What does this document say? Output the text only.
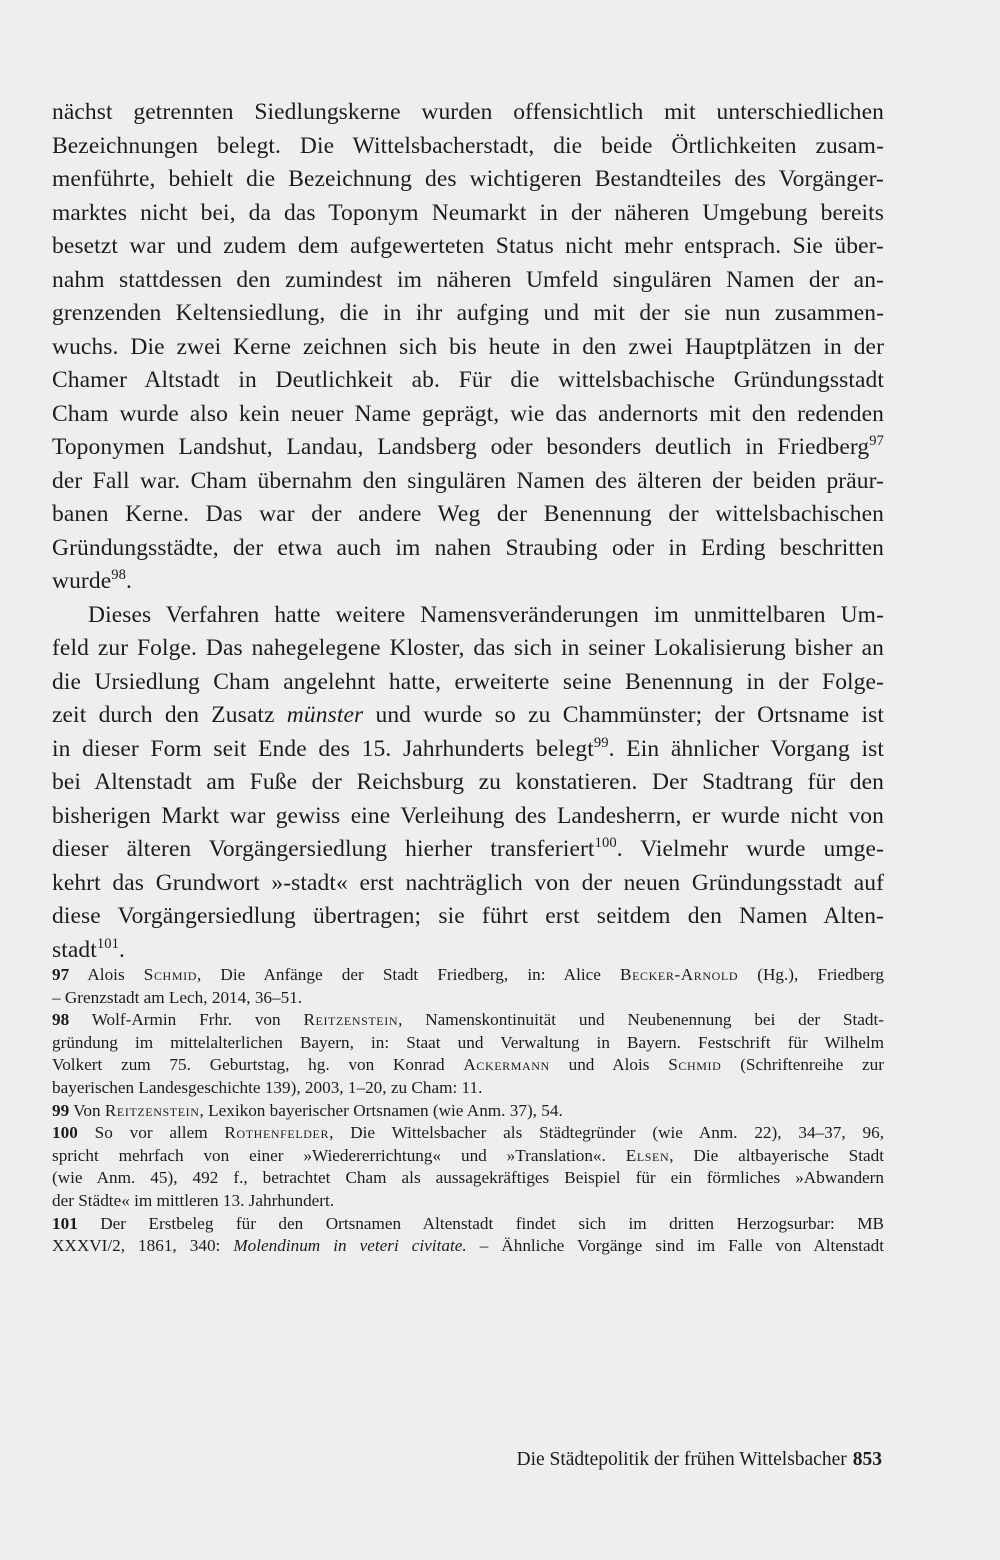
nächst getrennten Siedlungskerne wurden offensichtlich mit unterschiedlichen
Bezeichnungen belegt. Die Wittelsbacherstadt, die beide Örtlichkeiten zusam-
menführte, behielt die Bezeichnung des wichtigeren Bestandteiles des Vorgänger-
marktes nicht bei, da das Toponym Neumarkt in der näheren Umgebung bereits
besetzt war und zudem dem aufgewerteten Status nicht mehr entsprach. Sie über-
nahm stattdessen den zumindest im näheren Umfeld singulären Namen der an-
grenzenden Keltensiedlung, die in ihr aufging und mit der sie nun zusammen-
wuchs. Die zwei Kerne zeichnen sich bis heute in den zwei Hauptplätzen in der
Chamer Altstadt in Deutlichkeit ab. Für die wittelsbachische Gründungsstadt
Cham wurde also kein neuer Name geprägt, wie das andernorts mit den redenden
Toponymen Landshut, Landau, Landsberg oder besonders deutlich in Friedberg$^{97}$
der Fall war. Cham übernahm den singulären Namen des älteren der beiden präur-
banen Kerne. Das war der andere Weg der Benennung der wittelsbachischen
Gründungsstädte, der etwa auch im nahen Straubing oder in Erding beschritten
wurde$^{98}$.
Dieses Verfahren hatte weitere Namensveränderungen im unmittelbaren Um-
feld zur Folge. Das nahegelegene Kloster, das sich in seiner Lokalisierung bisher an
die Ursiedlung Cham angelehnt hatte, erweiterte seine Benennung in der Folge-
zeit durch den Zusatz münster und wurde so zu Chammünster; der Ortsname ist
in dieser Form seit Ende des 15. Jahrhunderts belegt$^{99}$. Ein ähnlicher Vorgang ist
bei Altenstadt am Fuße der Reichsburg zu konstatieren. Der Stadtrang für den
bisherigen Markt war gewiss eine Verleihung des Landesherrn, er wurde nicht von
dieser älteren Vorgängersiedlung hierher transferiert$^{100}$. Vielmehr wurde umge-
kehrt das Grundwort »-stadt« erst nachträglich von der neuen Gründungsstadt auf
diese Vorgängersiedlung übertragen; sie führt erst seitdem den Namen Alten-
stadt$^{101}$.
97 Alois Schmid, Die Anfänge der Stadt Friedberg, in: Alice Becker-Arnold (Hg.), Friedberg
– Grenzstadt am Lech, 2014, 36–51.
98 Wolf-Armin Frhr. von Reitzenstein, Namenskontinuität und Neubenennung bei der Stadt-
gründung im mittelalterlichen Bayern, in: Staat und Verwaltung in Bayern. Festschrift für Wilhelm
Volkert zum 75. Geburtstag, hg. von Konrad Ackermann und Alois Schmid (Schriftenreihe zur
bayerischen Landesgeschichte 139), 2003, 1–20, zu Cham: 11.
99 Von Reitzenstein, Lexikon bayerischer Ortsnamen (wie Anm. 37), 54.
100 So vor allem Rothenfelder, Die Wittelsbacher als Städtegründer (wie Anm. 22), 34–37, 96,
spricht mehrfach von einer »Wiedererrichtung« und »Translation«. Elsen, Die altbayerische Stadt
(wie Anm. 45), 492 f., betrachtet Cham als aussagekräftiges Beispiel für ein förmliches »Abwandern
der Städte« im mittleren 13. Jahrhundert.
101 Der Erstbeleg für den Ortsnamen Altenstadt findet sich im dritten Herzogsurbar: MB
XXXVI/2, 1861, 340: Molendinum in veteri civitate. – Ähnliche Vorgänge sind im Falle von Altenstadt
Die Städtepolitik der frühen Wittelsbacher 853
